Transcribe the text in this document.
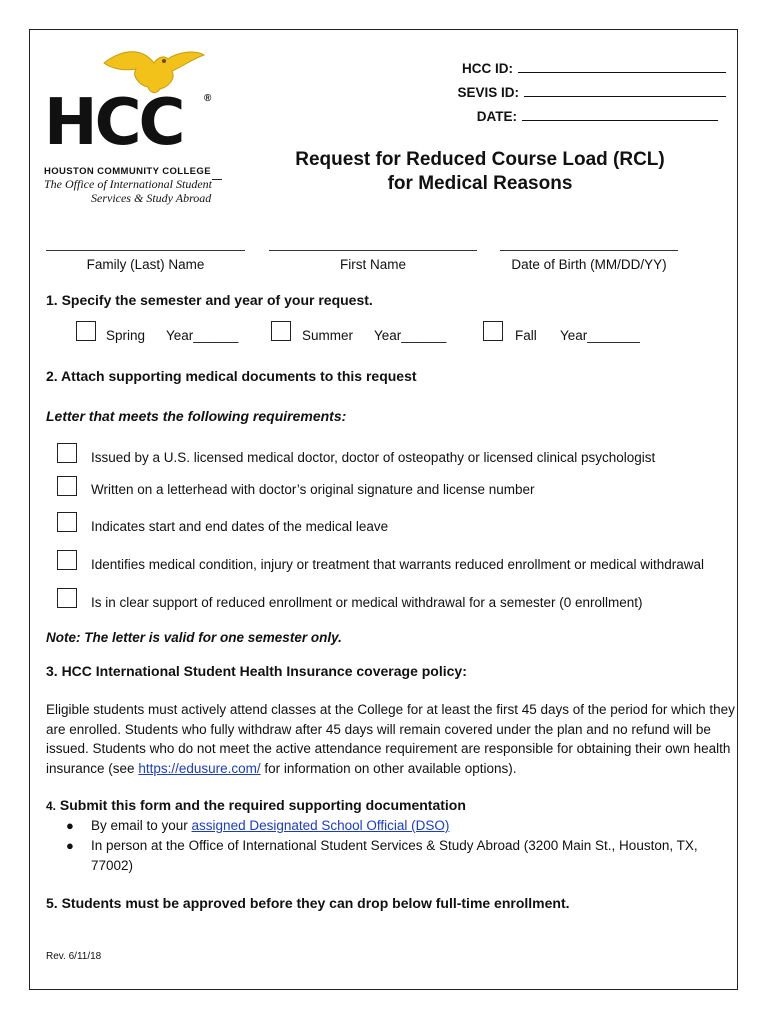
HCC ®
HOUSTON COMMUNITY COLLEGE
The Office of International Student
Services & Study Abroad
HCC ID:
SEVIS ID:
DATE:
Request for Reduced Course Load (RCL)
for Medical Reasons
Family (Last) Name	First Name	Date of Birth (MM/DD/YY)
1. Specify the semester and year of your request.
Spring Year______	Summer Year______	Fall Year_______
2. Attach supporting medical documents to this request
Letter that meets the following requirements:
Issued by a U.S. licensed medical doctor, doctor of osteopathy or licensed clinical psychologist
Written on a letterhead with doctor’s original signature and license number
Indicates start and end dates of the medical leave
Identifies medical condition, injury or treatment that warrants reduced enrollment or medical withdrawal
Is in clear support of reduced enrollment or medical withdrawal for a semester (0 enrollment)
Note: The letter is valid for one semester only.
3. HCC International Student Health Insurance coverage policy:
Eligible students must actively attend classes at the College for at least the first 45 days of the period for which they are enrolled. Students who fully withdraw after 45 days will remain covered under the plan and no refund will be issued. Students who do not meet the active attendance requirement are responsible for obtaining their own health insurance (see https://edusure.com/ for information on other available options).
4. Submit this form and the required supporting documentation
● By email to your assigned Designated School Official (DSO)
● In person at the Office of International Student Services & Study Abroad (3200 Main St., Houston, TX, 77002)
5. Students must be approved before they can drop below full-time enrollment.
Rev. 6/11/18
